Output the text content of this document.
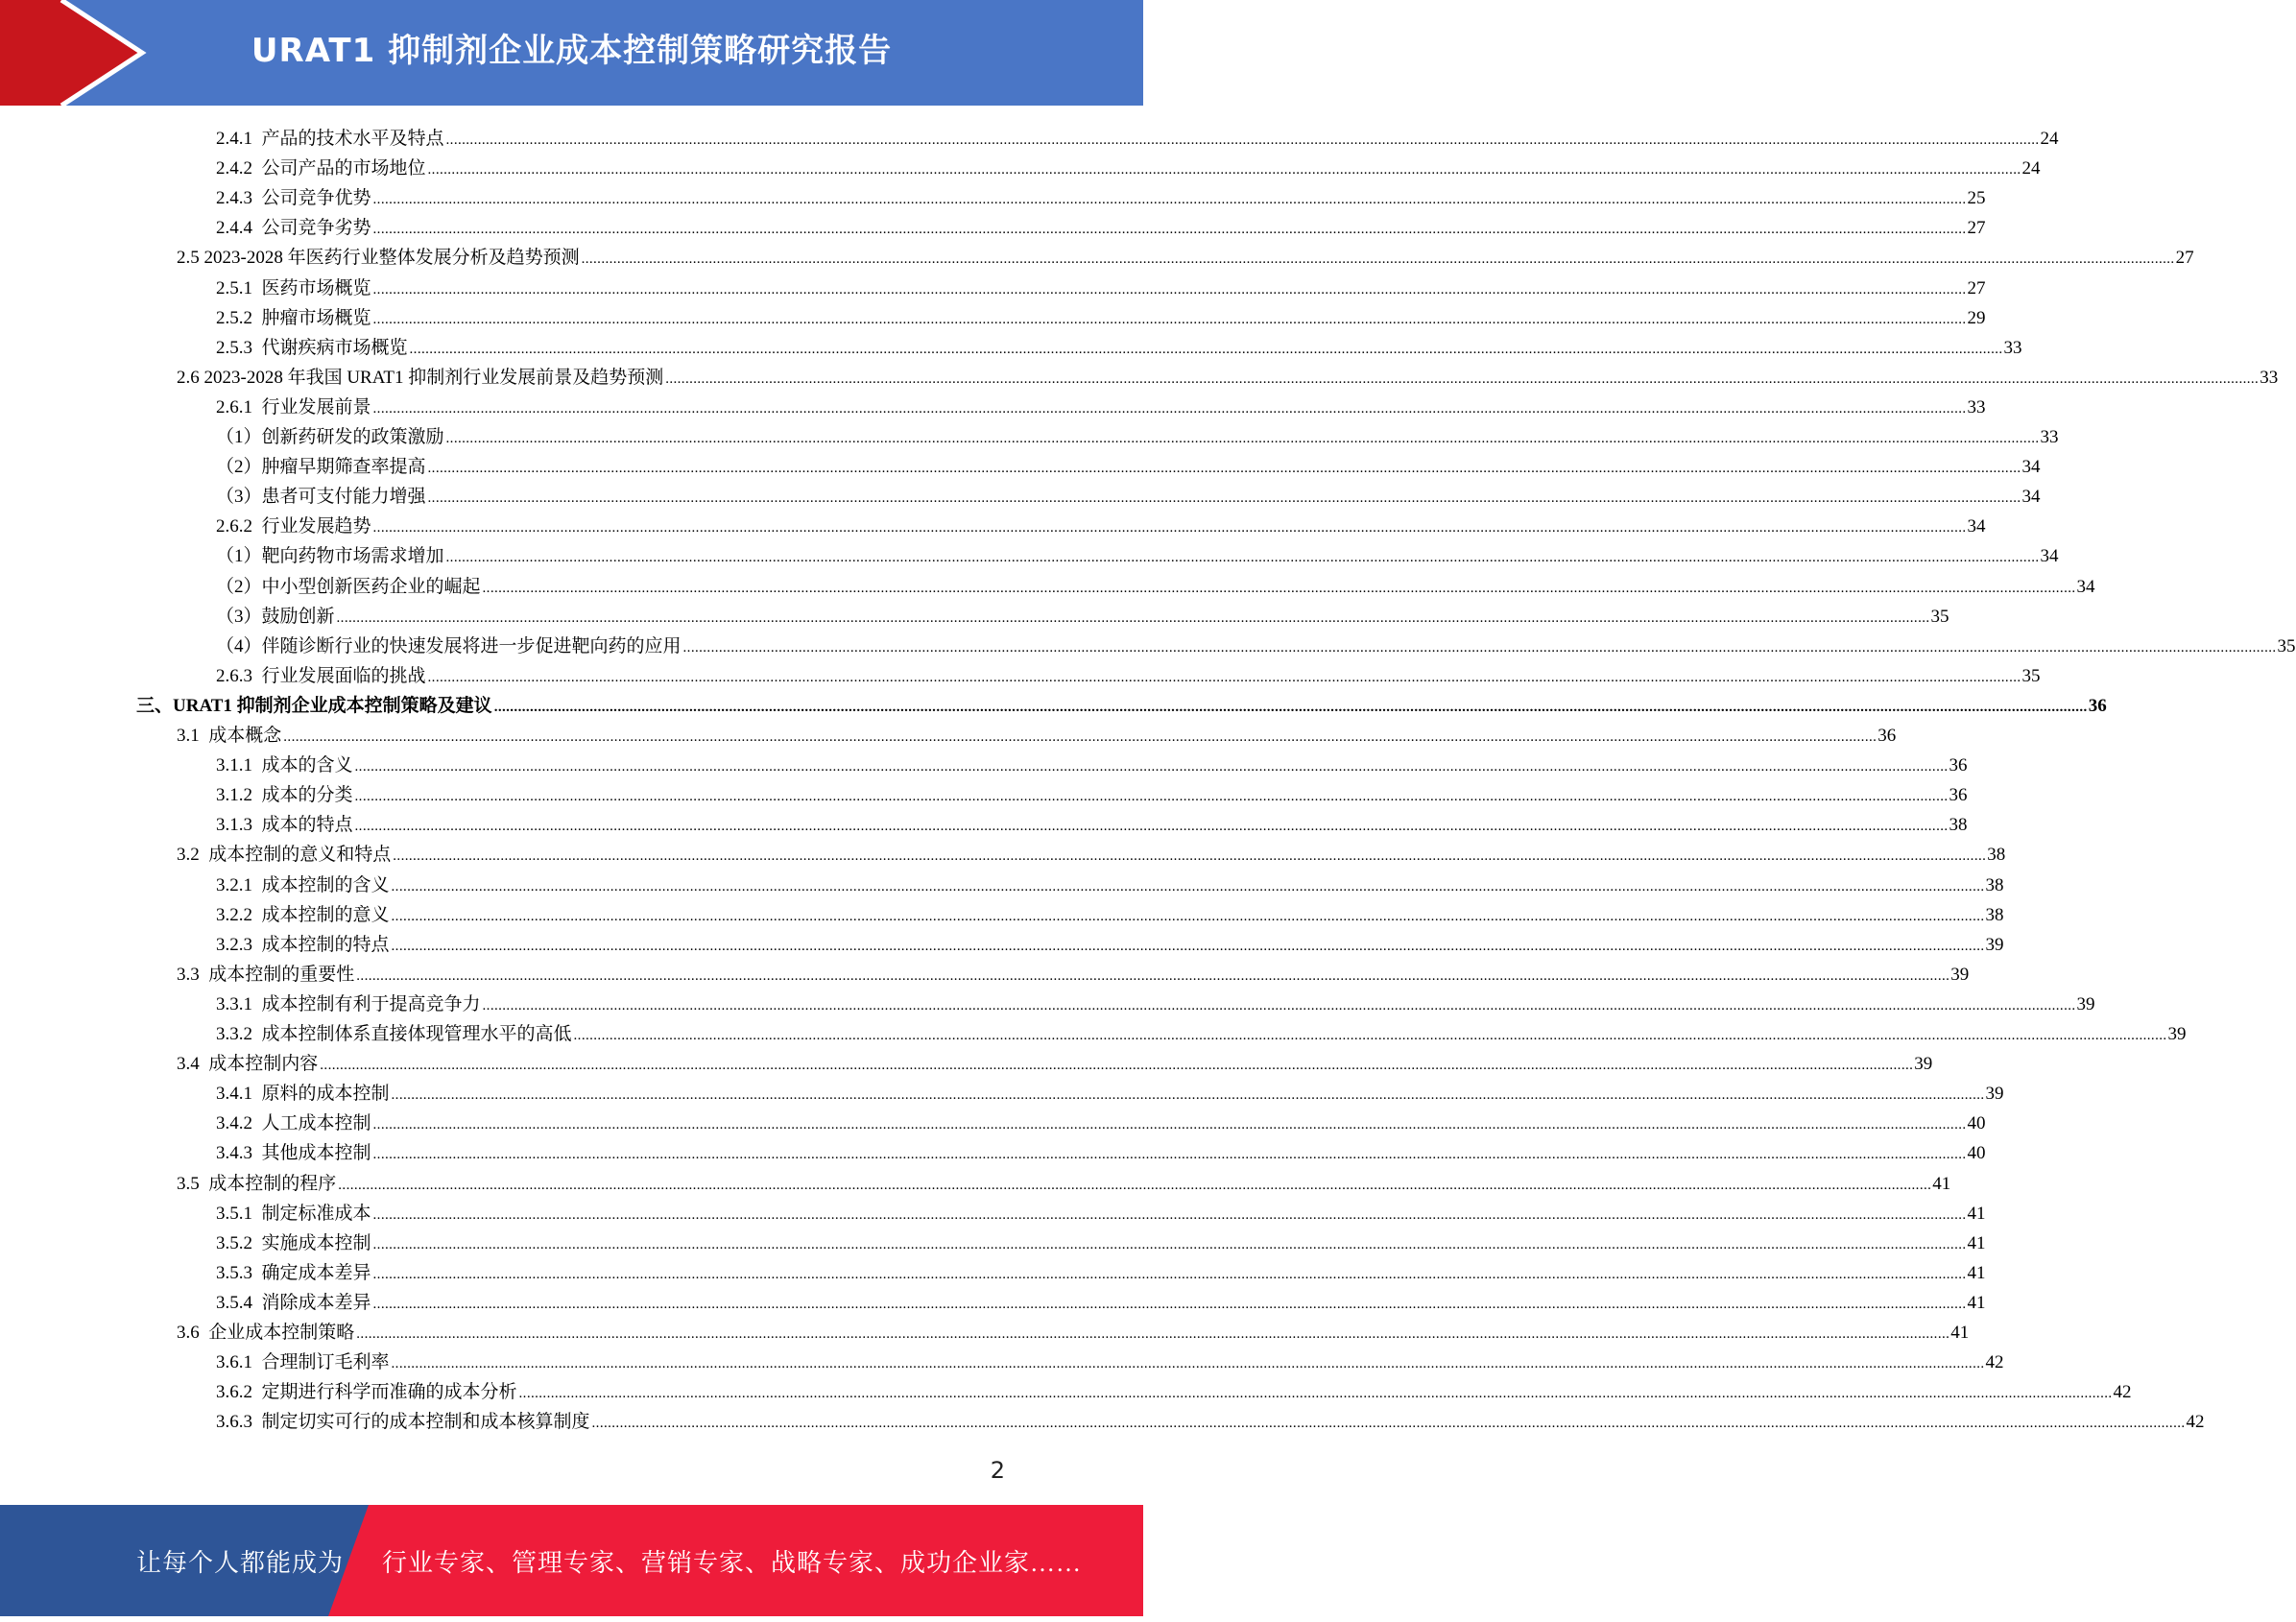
URAT1 抑制剂企业成本控制策略研究报告
2.4.1  产品的技术水平及特点 ................................................................................................................................................................................................................................................................................................................................................................................................................ 24
2.4.2  公司产品的市场地位 ................................................................................................................................................................................................................................................................................................................................................................................................................ 24
2.4.3  公司竞争优势 ................................................................................................................................................................................................................................................................................................................................................................................................................ 25
2.4.4  公司竞争劣势 ................................................................................................................................................................................................................................................................................................................................................................................................................ 27
2.5 2023-2028 年医药行业整体发展分析及趋势预测 ................................................................................................................................................................................................................................................................................................................................................................................................................ 27
2.5.1  医药市场概览 ................................................................................................................................................................................................................................................................................................................................................................................................................ 27
2.5.2  肿瘤市场概览 ................................................................................................................................................................................................................................................................................................................................................................................................................ 29
2.5.3  代谢疾病市场概览 ................................................................................................................................................................................................................................................................................................................................................................................................................ 33
2.6 2023-2028 年我国 URAT1 抑制剂行业发展前景及趋势预测 ................................................................................................................................................................................................................................................................................................................................................................................................................ 33
2.6.1  行业发展前景 ................................................................................................................................................................................................................................................................................................................................................................................................................ 33
（1）创新药研发的政策激励 ................................................................................................................................................................................................................................................................................................................................................................................................................ 33
（2）肿瘤早期筛查率提高 ................................................................................................................................................................................................................................................................................................................................................................................................................ 34
（3）患者可支付能力增强 ................................................................................................................................................................................................................................................................................................................................................................................................................ 34
2.6.2  行业发展趋势 ................................................................................................................................................................................................................................................................................................................................................................................................................ 34
（1）靶向药物市场需求增加 ................................................................................................................................................................................................................................................................................................................................................................................................................ 34
（2）中小型创新医药企业的崛起 ................................................................................................................................................................................................................................................................................................................................................................................................................ 34
（3）鼓励创新 ................................................................................................................................................................................................................................................................................................................................................................................................................ 35
（4）伴随诊断行业的快速发展将进一步促进靶向药的应用 ................................................................................................................................................................................................................................................................................................................................................................................................................ 35
2.6.3  行业发展面临的挑战 ................................................................................................................................................................................................................................................................................................................................................................................................................ 35
三、URAT1 抑制剂企业成本控制策略及建议 ................................................................................................................................................................................................................................................................................................................................................................................................................ 36
3.1  成本概念 ................................................................................................................................................................................................................................................................................................................................................................................................................ 36
3.1.1  成本的含义 ................................................................................................................................................................................................................................................................................................................................................................................................................ 36
3.1.2  成本的分类 ................................................................................................................................................................................................................................................................................................................................................................................................................ 36
3.1.3  成本的特点 ................................................................................................................................................................................................................................................................................................................................................................................................................ 38
3.2  成本控制的意义和特点 ................................................................................................................................................................................................................................................................................................................................................................................................................ 38
3.2.1  成本控制的含义 ................................................................................................................................................................................................................................................................................................................................................................................................................ 38
3.2.2  成本控制的意义 ................................................................................................................................................................................................................................................................................................................................................................................................................ 38
3.2.3  成本控制的特点 ................................................................................................................................................................................................................................................................................................................................................................................................................ 39
3.3  成本控制的重要性 ................................................................................................................................................................................................................................................................................................................................................................................................................ 39
3.3.1  成本控制有利于提高竞争力 ................................................................................................................................................................................................................................................................................................................................................................................................................ 39
3.3.2  成本控制体系直接体现管理水平的高低 ................................................................................................................................................................................................................................................................................................................................................................................................................ 39
3.4  成本控制内容 ................................................................................................................................................................................................................................................................................................................................................................................................................ 39
3.4.1  原料的成本控制 ................................................................................................................................................................................................................................................................................................................................................................................................................ 39
3.4.2  人工成本控制 ................................................................................................................................................................................................................................................................................................................................................................................................................ 40
3.4.3  其他成本控制 ................................................................................................................................................................................................................................................................................................................................................................................................................ 40
3.5  成本控制的程序 ................................................................................................................................................................................................................................................................................................................................................................................................................ 41
3.5.1  制定标准成本 ................................................................................................................................................................................................................................................................................................................................................................................................................ 41
3.5.2  实施成本控制 ................................................................................................................................................................................................................................................................................................................................................................................................................ 41
3.5.3  确定成本差异 ................................................................................................................................................................................................................................................................................................................................................................................................................ 41
3.5.4  消除成本差异 ................................................................................................................................................................................................................................................................................................................................................................................................................ 41
3.6  企业成本控制策略 ................................................................................................................................................................................................................................................................................................................................................................................................................ 41
3.6.1  合理制订毛利率 ................................................................................................................................................................................................................................................................................................................................................................................................................ 42
3.6.2  定期进行科学而准确的成本分析 ................................................................................................................................................................................................................................................................................................................................................................................................................ 42
3.6.3  制定切实可行的成本控制和成本核算制度 ................................................................................................................................................................................................................................................................................................................................................................................................................ 42
2
让每个人都能成为 行业专家、管理专家、营销专家、战略专家、成功企业家……
